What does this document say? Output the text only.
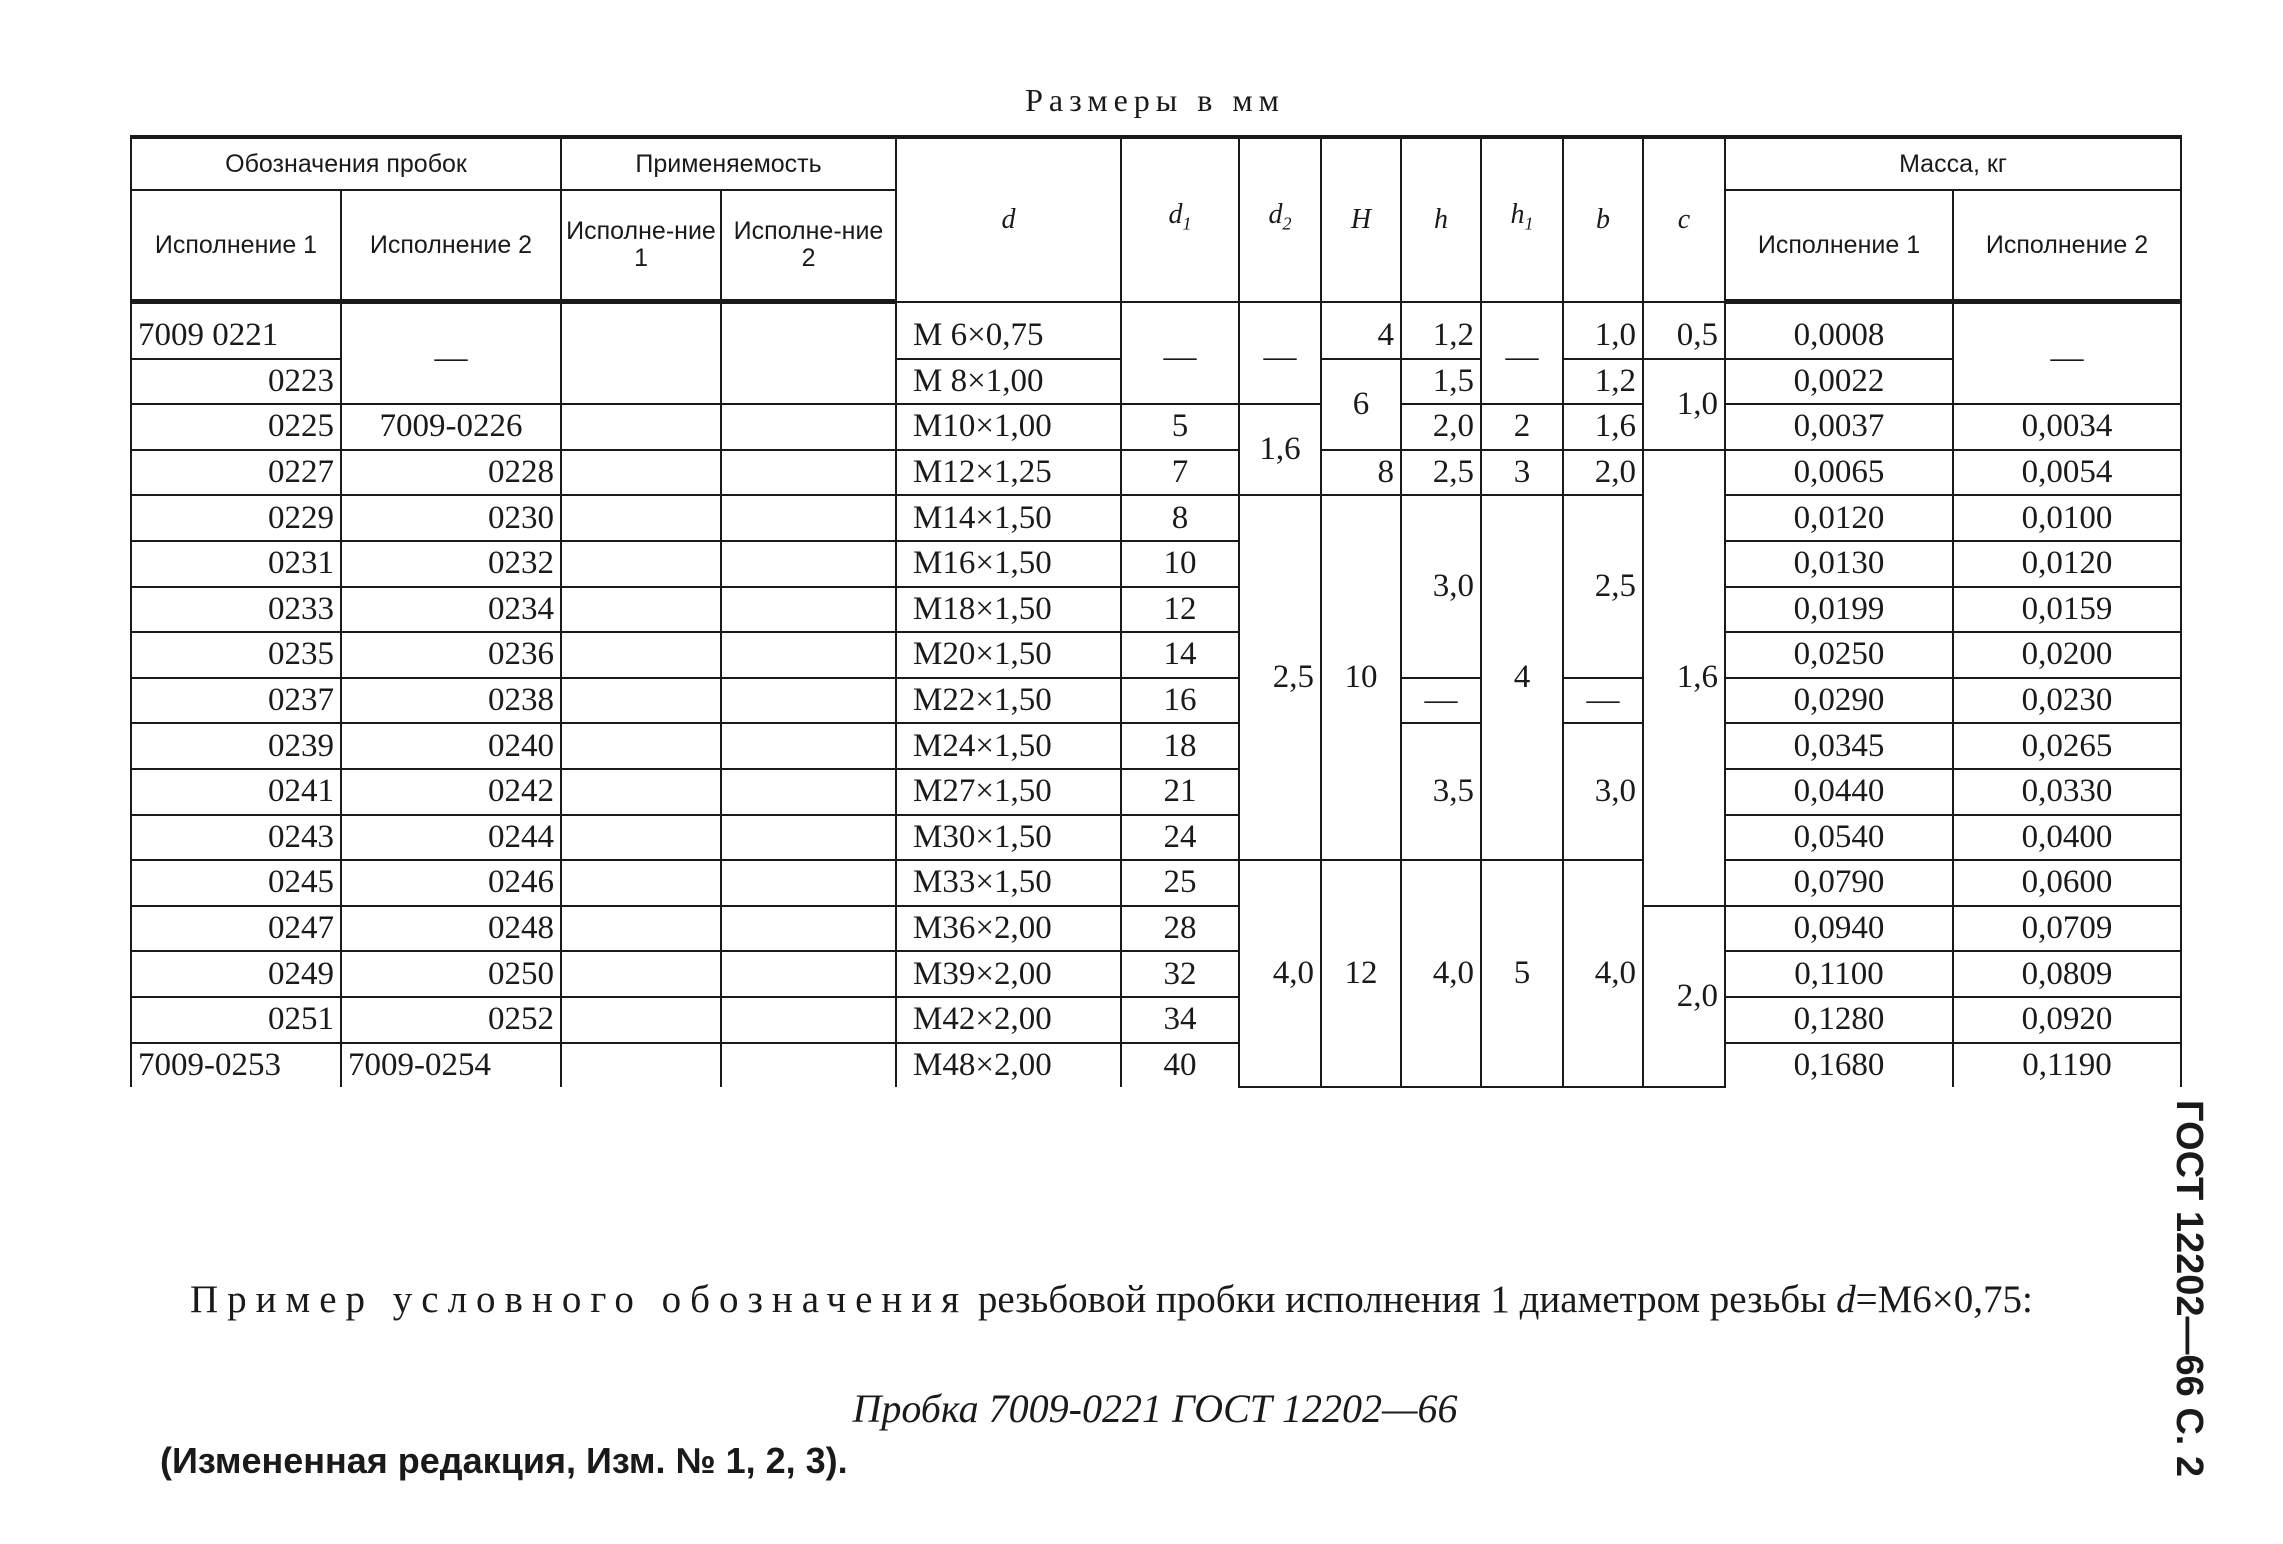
Размеры в мм
Обозначения пробок		Применяемость		d	$d_1$	$d_2$	H	h	$h_1$	b	c	Масса, кг	
Исполнение 1	Исполнение 2	Исполне-ние 1	Исполне-ние 2									Исполнение 1	Исполнение 2
7009 0221	—			М 6×0,75	—	—	4	1,2	—	1,0	0,5	0,0008	—
0223				М 8×1,00			6	1,5		1,2	1,0	0,0022	
0225	7009-0226			М10×1,00	5	1,6		2,0	2	1,6		0,0037	0,0034
0227	0228			М12×1,25	7		8	2,5	3	2,0	1,6	0,0065	0,0054
0229	0230			М14×1,50	8	2,5	10	3,0	4	2,5		0,0120	0,0100
0231	0232			М16×1,50	10							0,0130	0,0120
0233	0234			М18×1,50	12							0,0199	0,0159
0235	0236			М20×1,50	14							0,0250	0,0200
0237	0238			М22×1,50	16			—		—		0,0290	0,0230
0239	0240			М24×1,50	18			3,5		3,0		0,0345	0,0265
0241	0242			М27×1,50	21							0,0440	0,0330
0243	0244			М30×1,50	24							0,0540	0,0400
0245	0246			М33×1,50	25	4,0	12	4,0	5	4,0		0,0790	0,0600
0247	0248			М36×2,00	28						2,0	0,0940	0,0709
0249	0250			М39×2,00	32							0,1100	0,0809
0251	0252			М42×2,00	34							0,1280	0,0920
7009-0253	7009-0254			М48×2,00	40							0,1680	0,1190
Пример условного обозначения резьбовой пробки исполнения 1 диаметром резьбы d=М6×0,75:
Пробка 7009-0221 ГОСТ 12202—66
(Измененная редакция, Изм. № 1, 2, 3).	ГОСТ 12202—66 С. 2
